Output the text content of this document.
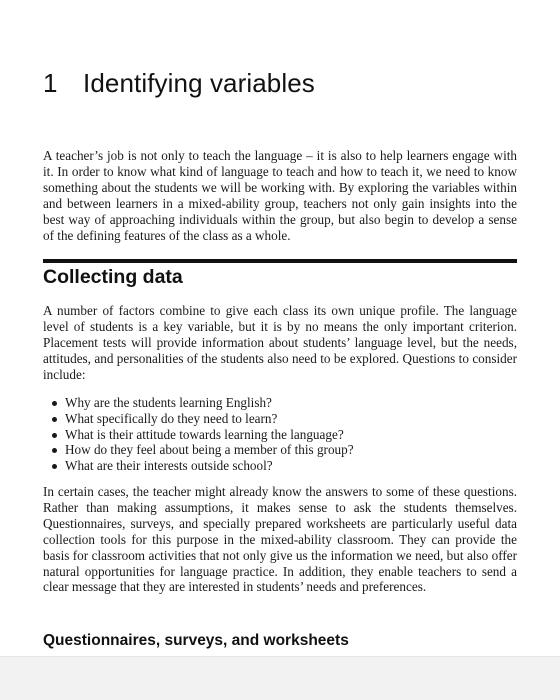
1 Identifying variables

A teacher’s job is not only to teach the language – it is also to help learners engage with it. In order to know what kind of language to teach and how to teach it, we need to know something about the students we will be working with. By exploring the variables within and between learners in a mixed-ability group, teachers not only gain insights into the best way of approaching individuals within the group, but also begin to develop a sense of the defining features of the class as a whole.

Collecting data

A number of factors combine to give each class its own unique profile. The language level of students is a key variable, but it is by no means the only important criterion. Placement tests will provide information about students’ language level, but the needs, attitudes, and personalities of the students also need to be explored. Questions to consider include:

Why are the students learning English?
What specifically do they need to learn?
What is their attitude towards learning the language?
How do they feel about being a member of this group?
What are their interests outside school?

In certain cases, the teacher might already know the answers to some of these questions. Rather than making assumptions, it makes sense to ask the students themselves. Questionnaires, surveys, and specially prepared worksheets are particularly useful data collection tools for this purpose in the mixed-ability classroom. They can provide the basis for classroom activities that not only give us the information we need, but also offer natural opportunities for language practice. In addition, they enable teachers to send a clear message that they are interested in students’ needs and preferences.

Questionnaires, surveys, and worksheets
